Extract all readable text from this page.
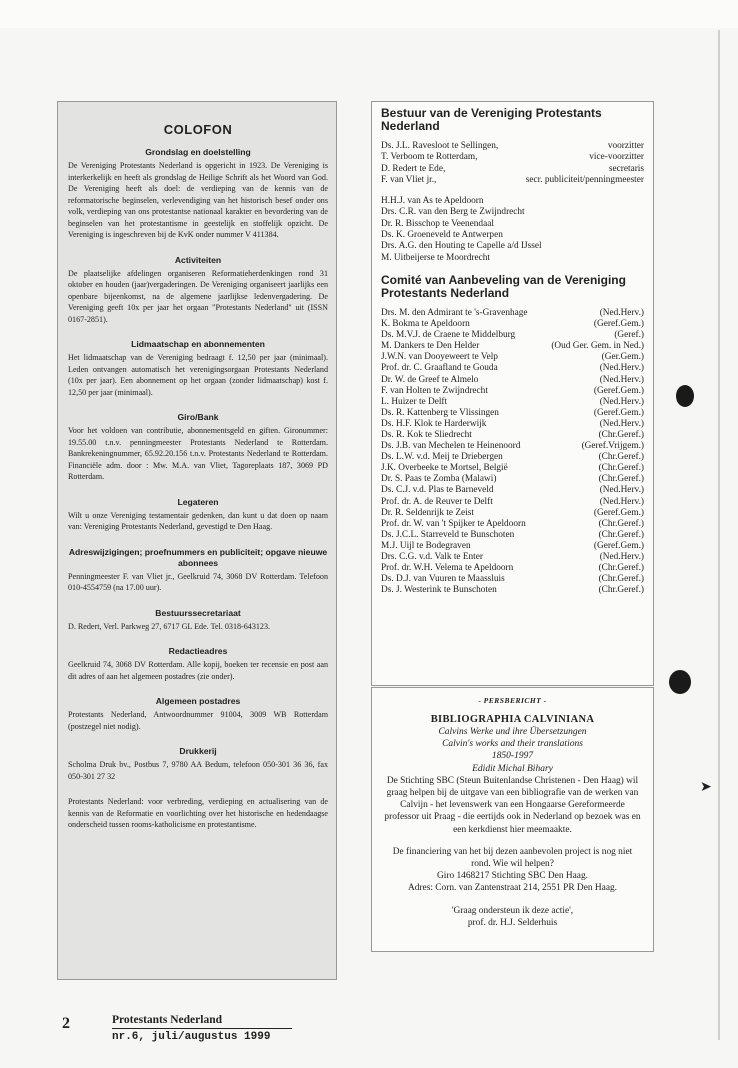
➤
COLOFON
Grondslag en doelstelling

De Vereniging Protestants Nederland is opgericht in 1923. De Vereniging is interkerkelijk en heeft als grondslag de Heilige Schrift als het Woord van God. De Vereniging heeft als doel: de verdieping van de kennis van de reformatorische beginselen, verlevendiging van het historisch besef onder ons volk, verdieping van ons protestantse nationaal karakter en bevordering van de beginselen van het protestantisme in geestelijk en stoffelijk opzicht. De Vereniging is ingeschreven bij de KvK onder nummer V 411384.

Activiteiten

De plaatselijke afdelingen organiseren Reformatieherdenkingen rond 31 oktober en houden (jaar)vergaderingen. De Vereniging organiseert jaarlijks een openbare bijeenkomst, na de algemene jaarlijkse ledenvergadering. De Vereniging geeft 10x per jaar het orgaan "Protestants Nederland" uit (ISSN 0167-2851).

Lidmaatschap en abonnementen

Het lidmaatschap van de Vereniging bedraagt f. 12,50 per jaar (minimaal). Leden ontvangen automatisch het verenigingsorgaan Protestants Nederland (10x per jaar). Een abonnement op het orgaan (zonder lidmaatschap) kost f. 12,50 per jaar (minimaal).

Giro/Bank

Voor het voldoen van contributie, abonnementsgeld en giften. Gironummer: 19.55.00 t.n.v. penningmeester Protestants Nederland te Rotterdam. Bankrekeningnummer, 65.92.20.156 t.n.v. Protestants Nederland te Rotterdam. Financiële adm. door : Mw. M.A. van Vliet, Tagoreplaats 187, 3069 PD Rotterdam.

Legateren

Wilt u onze Vereniging testamentair gedenken, dan kunt u dat doen op naam van: Vereniging Protestants Nederland, gevestigd te Den Haag.

Adreswijzigingen; proefnummers en publiciteit; opgave nieuwe abonnees

Penningmeester F. van Vliet jr., Geelkruid 74, 3068 DV Rotterdam. Telefoon 010-4554759 (na 17.00 uur).

Bestuurssecretariaat

D. Redert, Verl. Parkweg 27, 6717 GL Ede. Tel. 0318-643123.

Redactieadres

Geelkruid 74, 3068 DV Rotterdam. Alle kopij, boeken ter recensie en post aan dit adres of aan het algemeen postadres (zie onder).

Algemeen postadres

Protestants Nederland, Antwoordnummer 91004, 3009 WB Rotterdam (postzegel niet nodig).

Drukkerij

Scholma Druk bv., Postbus 7, 9780 AA Bedum, telefoon 050-301 36 36, fax 050-301 27 32

Protestants Nederland: voor verbreding, verdieping en actualisering van de kennis van de Reformatie en voorlichting over het historische en hedendaagse onderscheid tussen rooms-katholicisme en protestantisme.

Bestuur van de Vereniging Protestants Nederland
Ds. J.L. Ravesloot te Sellingen,	voorzitter
T. Verboom te Rotterdam,	vice-voorzitter
D. Redert te Ede,	secretaris
F. van Vliet jr.,	secr. publiciteit/penningmeester
H.H.J. van As te Apeldoorn
Drs. C.R. van den Berg te Zwijndrecht
Dr. R. Bisschop te Veenendaal
Ds. K. Groeneveld te Antwerpen
Drs. A.G. den Houting te Capelle a/d IJssel
M. Uitbeijerse te Moordrecht
Comité van Aanbeveling van de Vereniging Protestants Nederland
Drs. M. den Admirant te 's-Gravenhage	(Ned.Herv.)
K. Bokma te Apeldoorn	(Geref.Gem.)
Ds. M.V.J. de Craene te Middelburg	(Geref.)
M. Dankers te Den Helder	(Oud Ger. Gem. in Ned.)
J.W.N. van Dooyeweert te Velp	(Ger.Gem.)
Prof. dr. C. Graafland te Gouda	(Ned.Herv.)
Dr. W. de Greef te Almelo	(Ned.Herv.)
F. van Holten te Zwijndrecht	(Geref.Gem.)
L. Huizer te Delft	(Ned.Herv.)
Ds. R. Kattenberg te Vlissingen	(Geref.Gem.)
Ds. H.F. Klok te Harderwijk	(Ned.Herv.)
Ds. R. Kok te Sliedrecht	(Chr.Geref.)
Ds. J.B. van Mechelen te Heinenoord	(Geref.Vrijgem.)
Ds. L.W. v.d. Meij te Driebergen	(Chr.Geref.)
J.K. Overbeeke te Mortsel, België	(Chr.Geref.)
Dr. S. Paas te Zomba (Malawi)	(Chr.Geref.)
Ds. C.J. v.d. Plas te Barneveld	(Ned.Herv.)
Prof. dr. A. de Reuver te Delft	(Ned.Herv.)
Dr. R. Seldenrijk te Zeist	(Geref.Gem.)
Prof. dr. W. van 't Spijker te Apeldoorn	(Chr.Geref.)
Ds. J.C.L. Starreveld te Bunschoten	(Chr.Geref.)
M.J. Uijl te Bodegraven	(Geref.Gem.)
Drs. C.G. v.d. Valk te Enter	(Ned.Herv.)
Prof. dr. W.H. Velema te Apeldoorn	(Chr.Geref.)
Ds. D.J. van Vuuren te Maassluis	(Chr.Geref.)
Ds. J. Westerink te Bunschoten	(Chr.Geref.)
- PERSBERICHT -
BIBLIOGRAPHIA CALVINIANA
Calvins Werke und ihre Übersetzungen
Calvin's works and their translations
1850-1997
Edidit Michal Bihary
De Stichting SBC (Steun Buitenlandse Christenen - Den Haag) wil graag helpen bij de uitgave van een bibliografie van de werken van Calvijn - het levenswerk van een Hongaarse Gereformeerde professor uit Praag - die eertijds ook in Nederland op bezoek was en een kerkdienst hier meemaakte.
De financiering van het bij dezen aanbevolen project is nog niet rond. Wie wil helpen?
Giro 1468217 Stichting SBC Den Haag.
Adres: Corn. van Zantenstraat 214, 2551 PR Den Haag.
'Graag ondersteun ik deze actie',
prof. dr. H.J. Selderhuis
2	Protestants Nederland
nr.6, juli/augustus 1999
